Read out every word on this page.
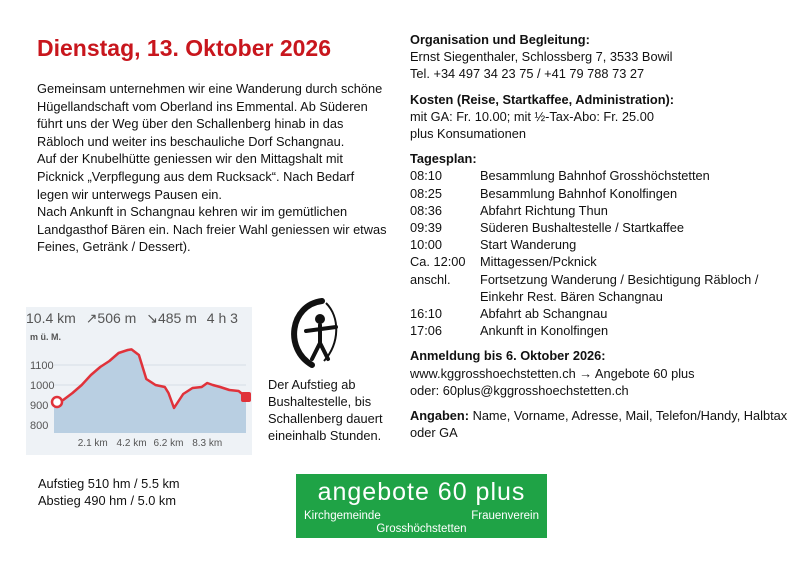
Dienstag, 13. Oktober 2026

Gemeinsam unternehmen wir eine Wanderung durch schöne Hügellandschaft vom Oberland ins Emmental. Ab Süderen führt uns der Weg über den Schallenberg hinab in das Räbloch und weiter ins beschauliche Dorf Schangnau.

Auf der Knubelhütte geniessen wir den Mittagshalt mit Picknick „Verpflegung aus dem Rucksack“. Nach Bedarf legen wir unterwegs Pausen ein.

Nach Ankunft in Schangnau kehren wir im gemütlichen Landgasthof Bären ein. Nach freier Wahl geniessen wir etwas Feines, Getränk / Dessert).

m ü. M.
1100
1000
900
800
2.1 km 4.2 km 6.2 km 8.3 km
10.4 km ↗506 m ↘485 m 4 h 3
Der Aufstieg ab Bushaltestelle, bis Schallenberg dauert eineinhalb Stunden.
Aufstieg 510 hm / 5.5 km
Abstieg 490 hm / 5.0 km	angebote 60 plus
Kirchgemeinde	Frauenverein
Grosshöchstetten
Organisation und Begleitung:
Ernst Siegenthaler, Schlossberg 7, 3533 Bowil
Tel. +34 497 34 23 75 / +41 79 788 73 27
Kosten (Reise, Startkaffee, Administration):
mit GA: Fr. 10.00; mit ½-Tax-Abo: Fr. 25.00
plus Konsumationen
Tagesplan:
08:10	Besammlung Bahnhof Grosshöchstetten
08:25	Besammlung Bahnhof Konolfingen
08:36	Abfahrt Richtung Thun
09:39	Süderen Bushaltestelle / Startkaffee
10:00	Start Wanderung
Ca. 12:00	Mittagessen/Pcknick
anschl.	Fortsetzung Wanderung / Besichtigung Räbloch / Einkehr Rest. Bären Schangnau
16:10	Abfahrt ab Schangnau
17:06	Ankunft in Konolfingen
Anmeldung bis 6. Oktober 2026:
www.kggrosshoechstetten.ch → Angebote 60 plus
oder: 60plus@kggrosshoechstetten.ch
Angaben: Name, Vorname, Adresse, Mail, Telefon/Handy, Halbtax oder GA
